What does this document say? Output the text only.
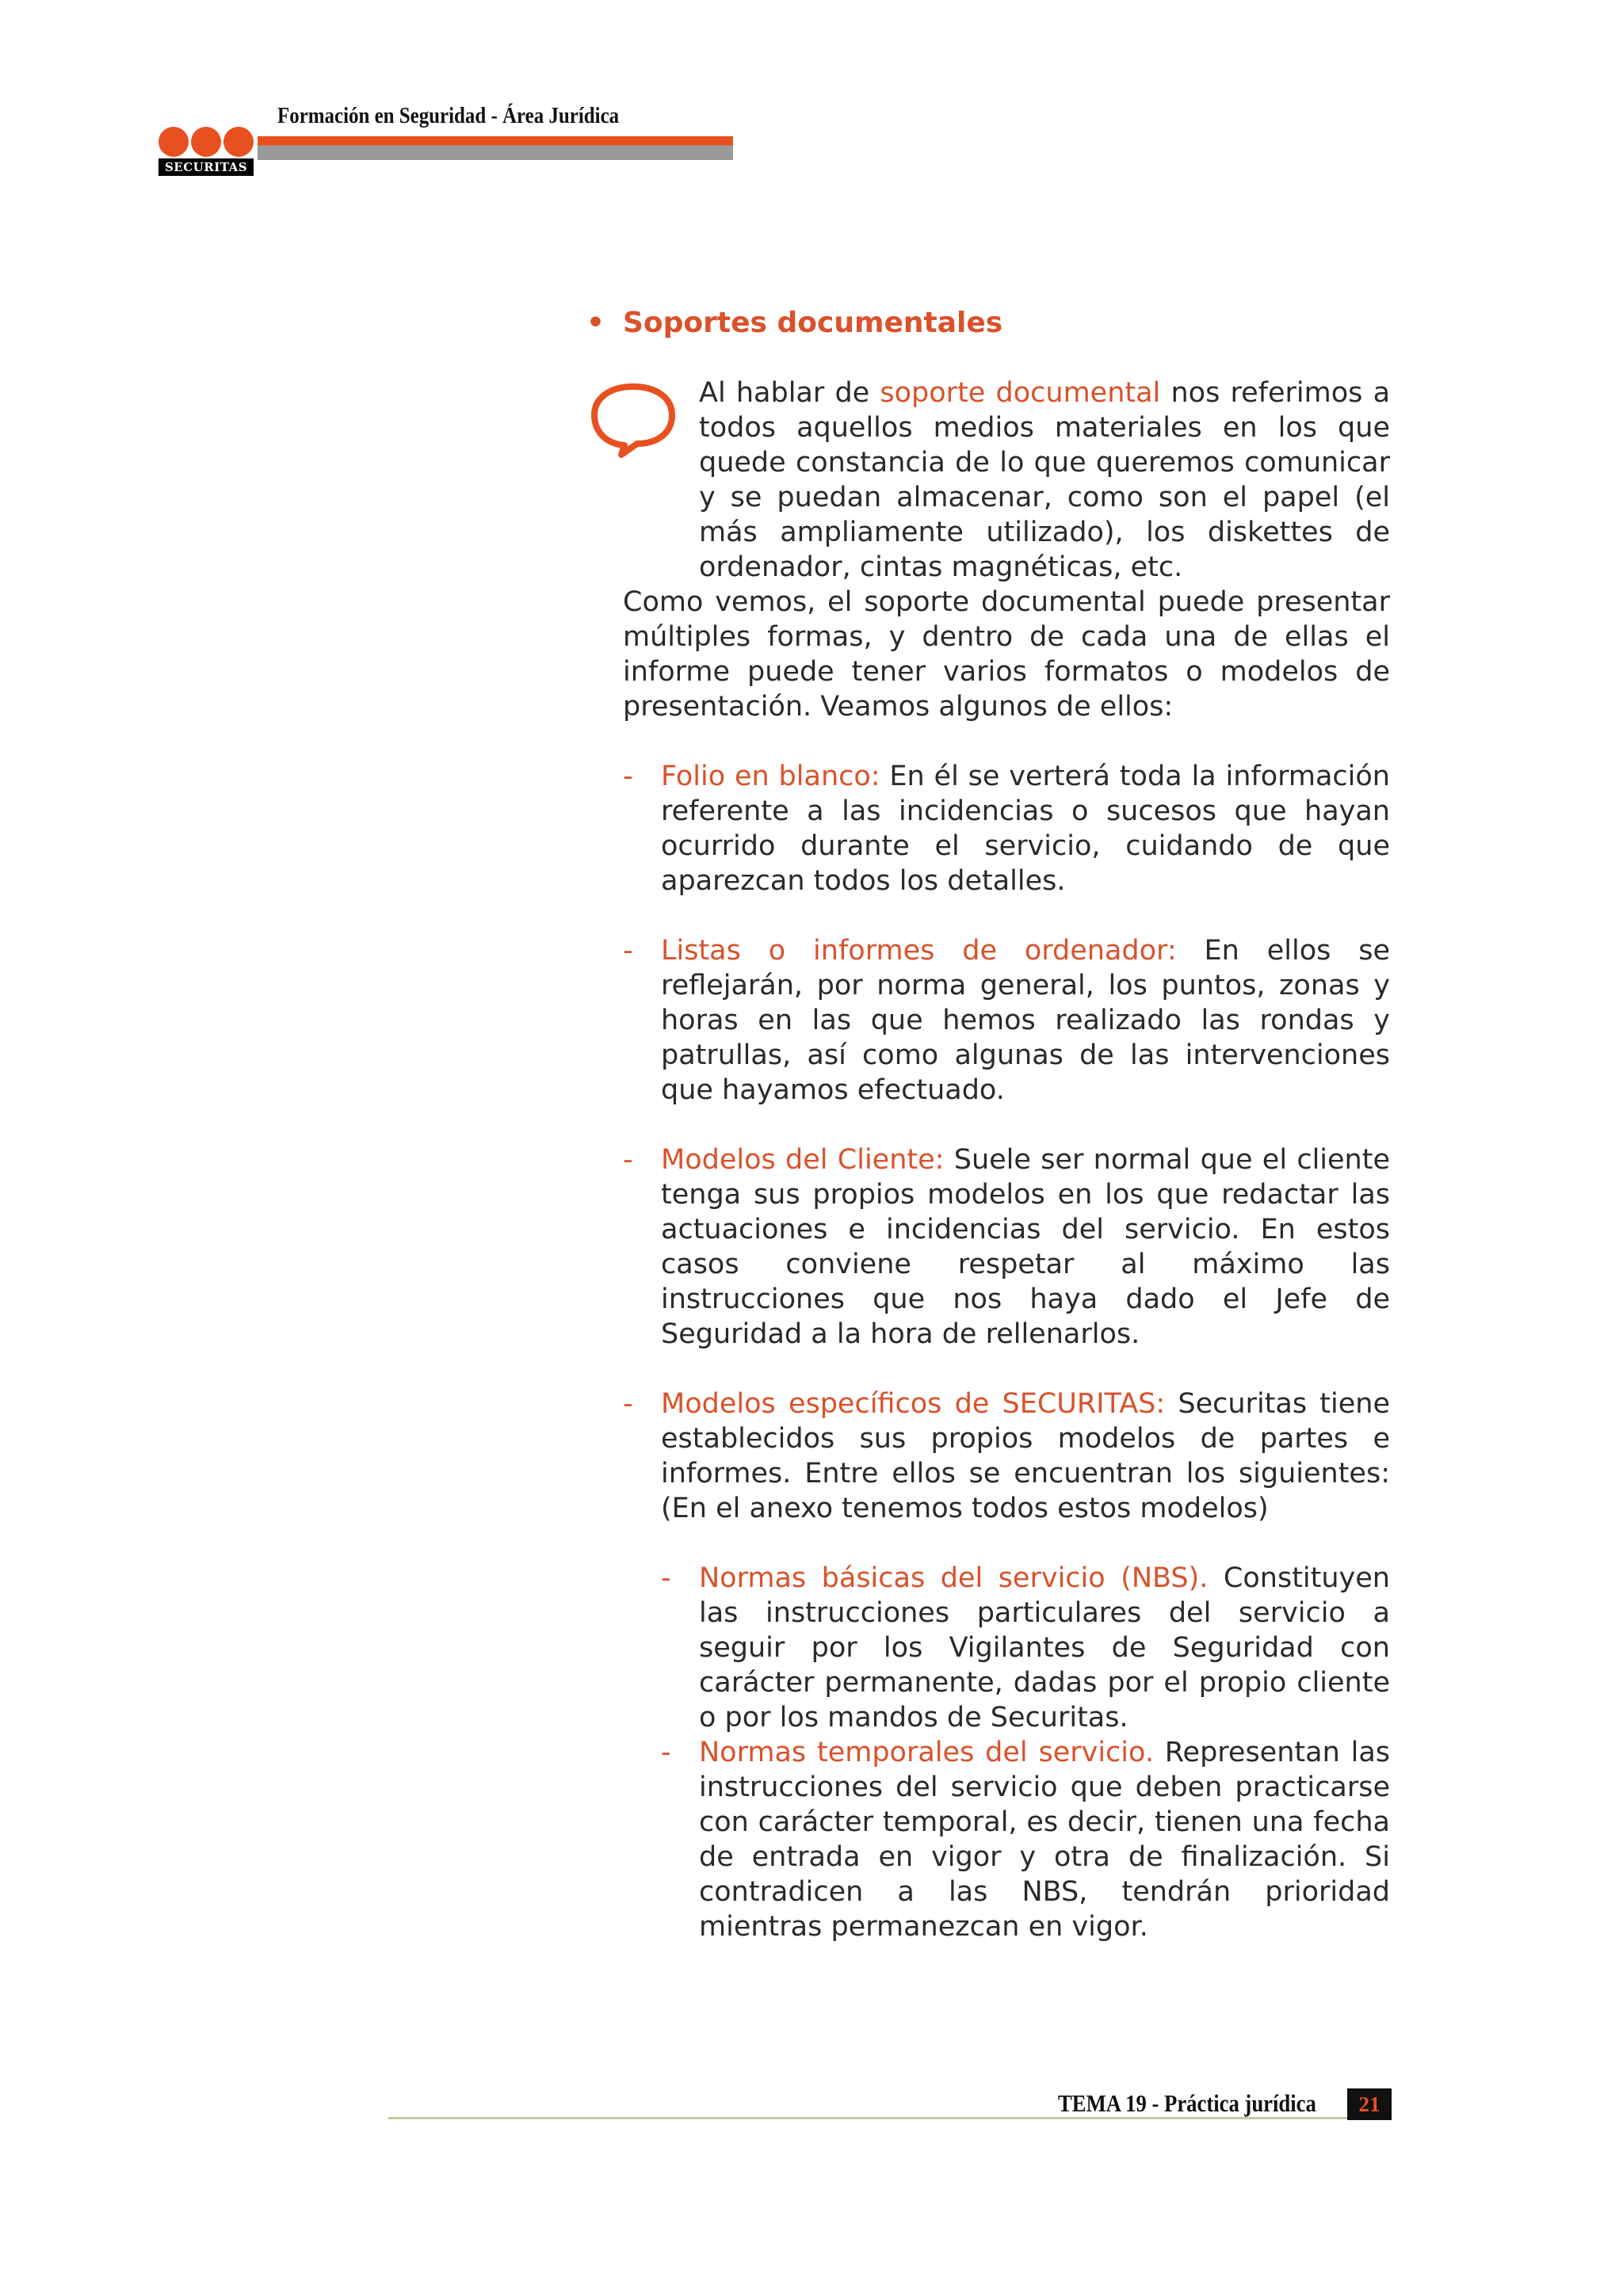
SECURITAS
Formación en Seguridad - Área Jurídica
• Soportes documentales

Al hablar de soporte documental nos referimos a todos aquellos medios materiales en los que quede constancia de lo que queremos comunicar y se puedan almacenar, como son el papel (el más ampliamente utilizado), los diskettes de ordenador, cintas magnéticas, etc.

Como vemos, el soporte documental puede presentar múltiples formas, y dentro de cada una de ellas el informe puede tener varios formatos o modelos de presentación. Veamos algunos de ellos:

- Folio en blanco: En él se verterá toda la información referente a las incidencias o sucesos que hayan ocurrido durante el servicio, cuidando de que aparezcan todos los detalles.

- Listas o informes de ordenador: En ellos se reflejarán, por norma general, los puntos, zonas y horas en las que hemos realizado las rondas y patrullas, así como algunas de las intervenciones que hayamos efectuado.

- Modelos del Cliente: Suele ser normal que el cliente tenga sus propios modelos en los que redactar las actuaciones e incidencias del servicio. En estos casos conviene respetar al máximo las instrucciones que nos haya dado el Jefe de Seguridad a la hora de rellenarlos.

- Modelos específicos de SECURITAS: Securitas tiene establecidos sus propios modelos de partes e informes. Entre ellos se encuentran los siguientes: (En el anexo tenemos todos estos modelos)

- Normas básicas del servicio (NBS). Constituyen las instrucciones particulares del servicio a seguir por los Vigilantes de Seguridad con carácter permanente, dadas por el propio cliente o por los mandos de Securitas.

- Normas temporales del servicio. Representan las instrucciones del servicio que deben practicarse con carácter temporal, es decir, tienen una fecha de entrada en vigor y otra de finalización. Si contradicen a las NBS, tendrán prioridad mientras permanezcan en vigor.

TEMA 19 - Práctica jurídica	21
